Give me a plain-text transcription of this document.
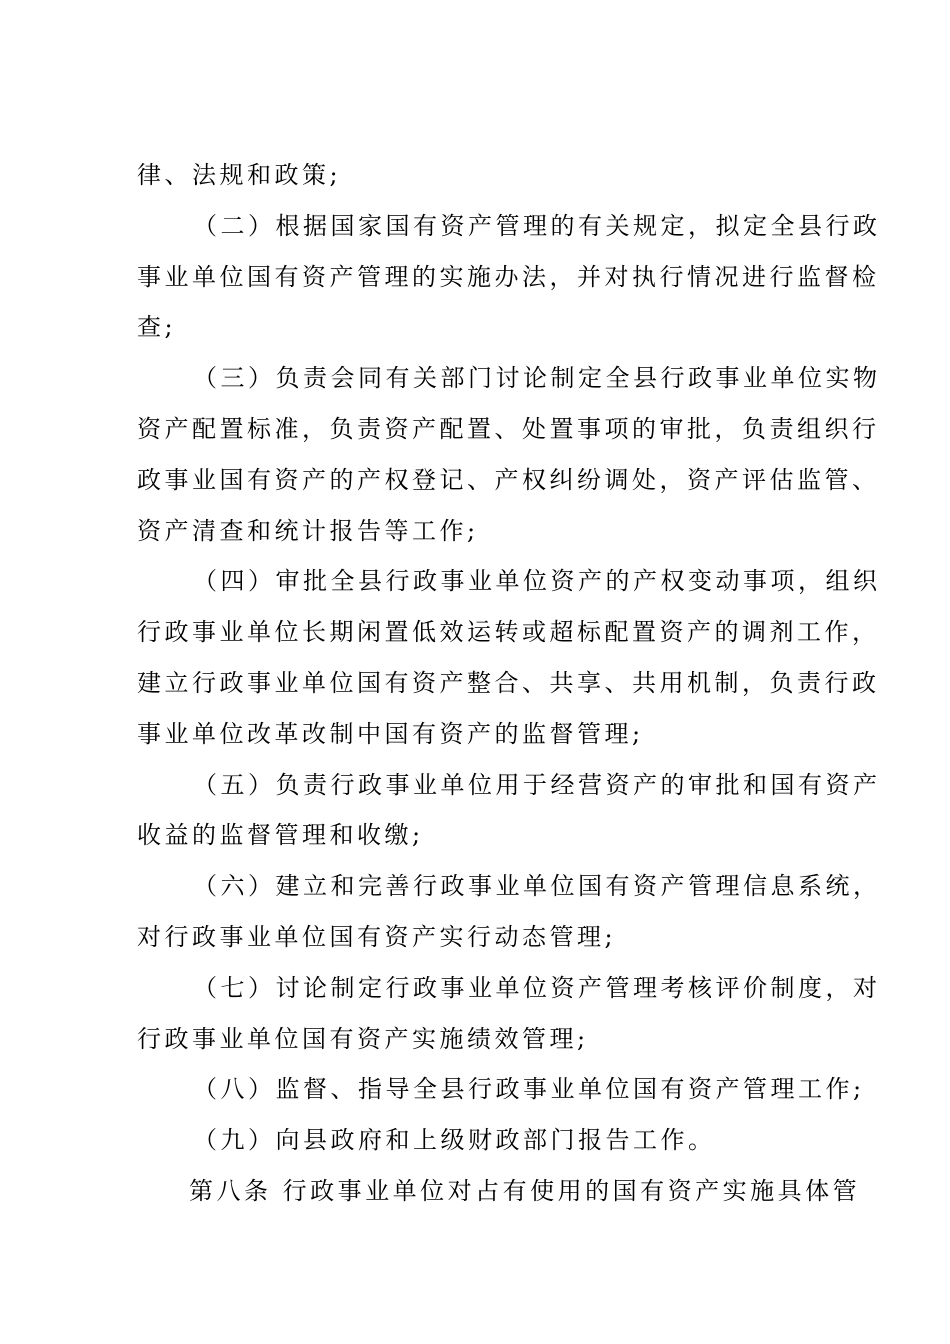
律、法规和政策;
（二）根据国家国有资产管理的有关规定，拟定全县行政
事业单位国有资产管理的实施办法，并对执行情况进行监督检
查;
（三）负责会同有关部门讨论制定全县行政事业单位实物
资产配置标准，负责资产配置、处置事项的审批，负责组织行
政事业国有资产的产权登记、产权纠纷调处，资产评估监管、
资产清查和统计报告等工作;
（四）审批全县行政事业单位资产的产权变动事项，组织
行政事业单位长期闲置低效运转或超标配置资产的调剂工作，
建立行政事业单位国有资产整合、共享、共用机制，负责行政
事业单位改革改制中国有资产的监督管理;
（五）负责行政事业单位用于经营资产的审批和国有资产
收益的监督管理和收缴;
（六）建立和完善行政事业单位国有资产管理信息系统，
对行政事业单位国有资产实行动态管理;
（七）讨论制定行政事业单位资产管理考核评价制度，对
行政事业单位国有资产实施绩效管理;
（八）监督、指导全县行政事业单位国有资产管理工作;
（九）向县政府和上级财政部门报告工作。
第八条 行政事业单位对占有使用的国有资产实施具体管
